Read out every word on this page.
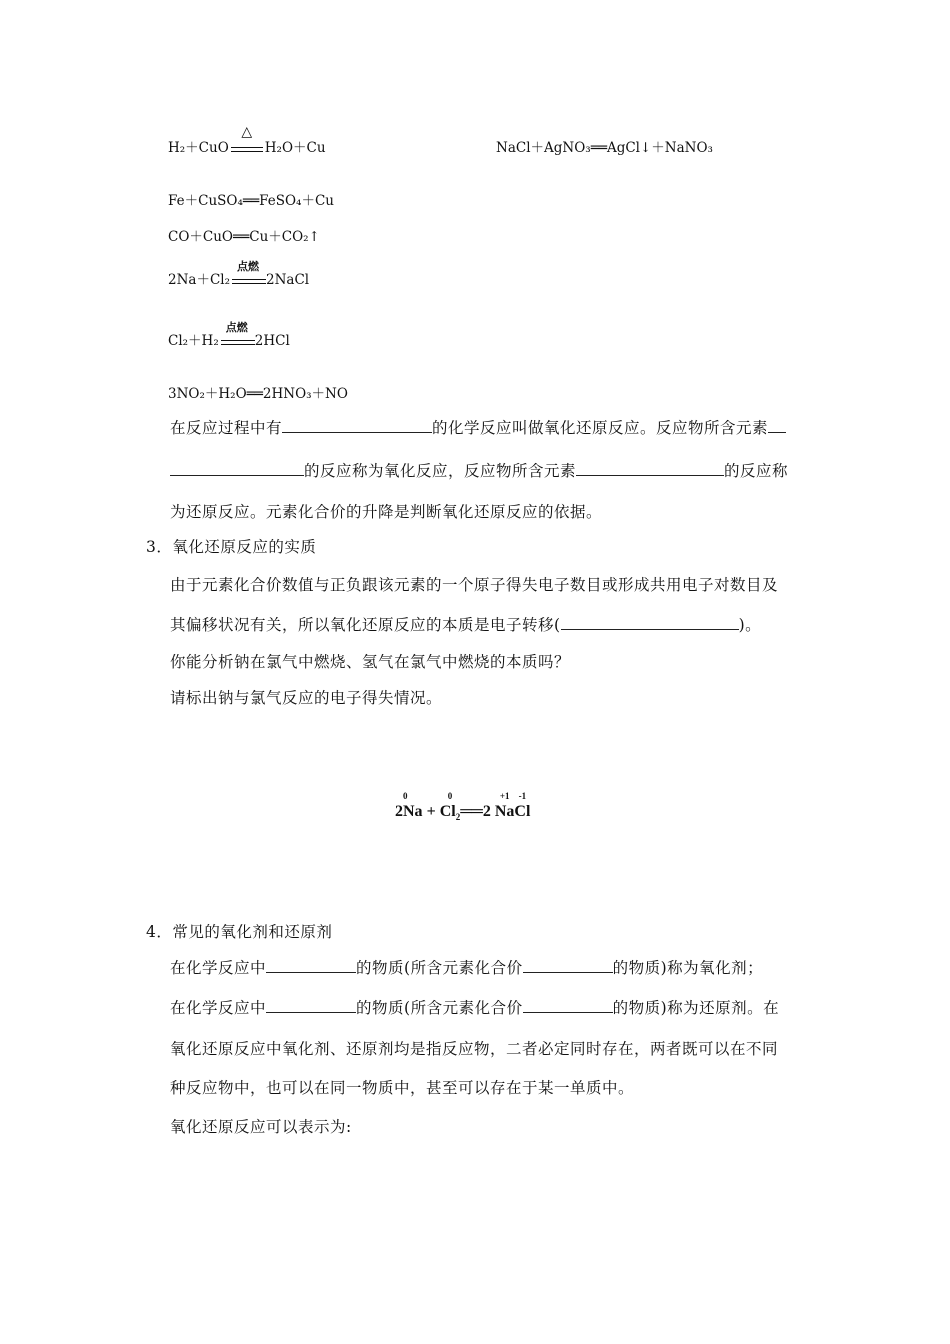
H₂＋CuO
△
H₂O＋Cu	NaCl＋AgNO₃══AgCl↓＋NaNO₃
Fe＋CuSO₄══FeSO₄＋Cu
CO＋CuO══Cu＋CO₂↑
2Na＋Cl₂
点燃
2NaCl
Cl₂＋H₂
点燃
2HCl
3NO₂＋H₂O══2HNO₃＋NO
在反应过程中有	的化学反应叫做氧化还原反应。反应物所含元素
的反应称为氧化反应，反应物所含元素	的反应称
为还原反应。元素化合价的升降是判断氧化还原反应的依据。
3．氧化还原反应的实质
由于元素化合价数值与正负跟该元素的一个原子得失电子数目或形成共用电子对数目及
其偏移状况有关，所以氧化还原反应的本质是电子转移(	)。
你能分析钠在氯气中燃烧、氢气在氯气中燃烧的本质吗？
请标出钠与氯气反应的电子得失情况。
0
2Na +
0
$Cl_2══2$
+1
Na
-1
Cl
4．常见的氧化剂和还原剂
在化学反应中	的物质(所含元素化合价	的物质)称为氧化剂；
在化学反应中	的物质(所含元素化合价	的物质)称为还原剂。在
氧化还原反应中氧化剂、还原剂均是指反应物，二者必定同时存在，两者既可以在不同
种反应物中，也可以在同一物质中，甚至可以存在于某一单质中。
氧化还原反应可以表示为:
